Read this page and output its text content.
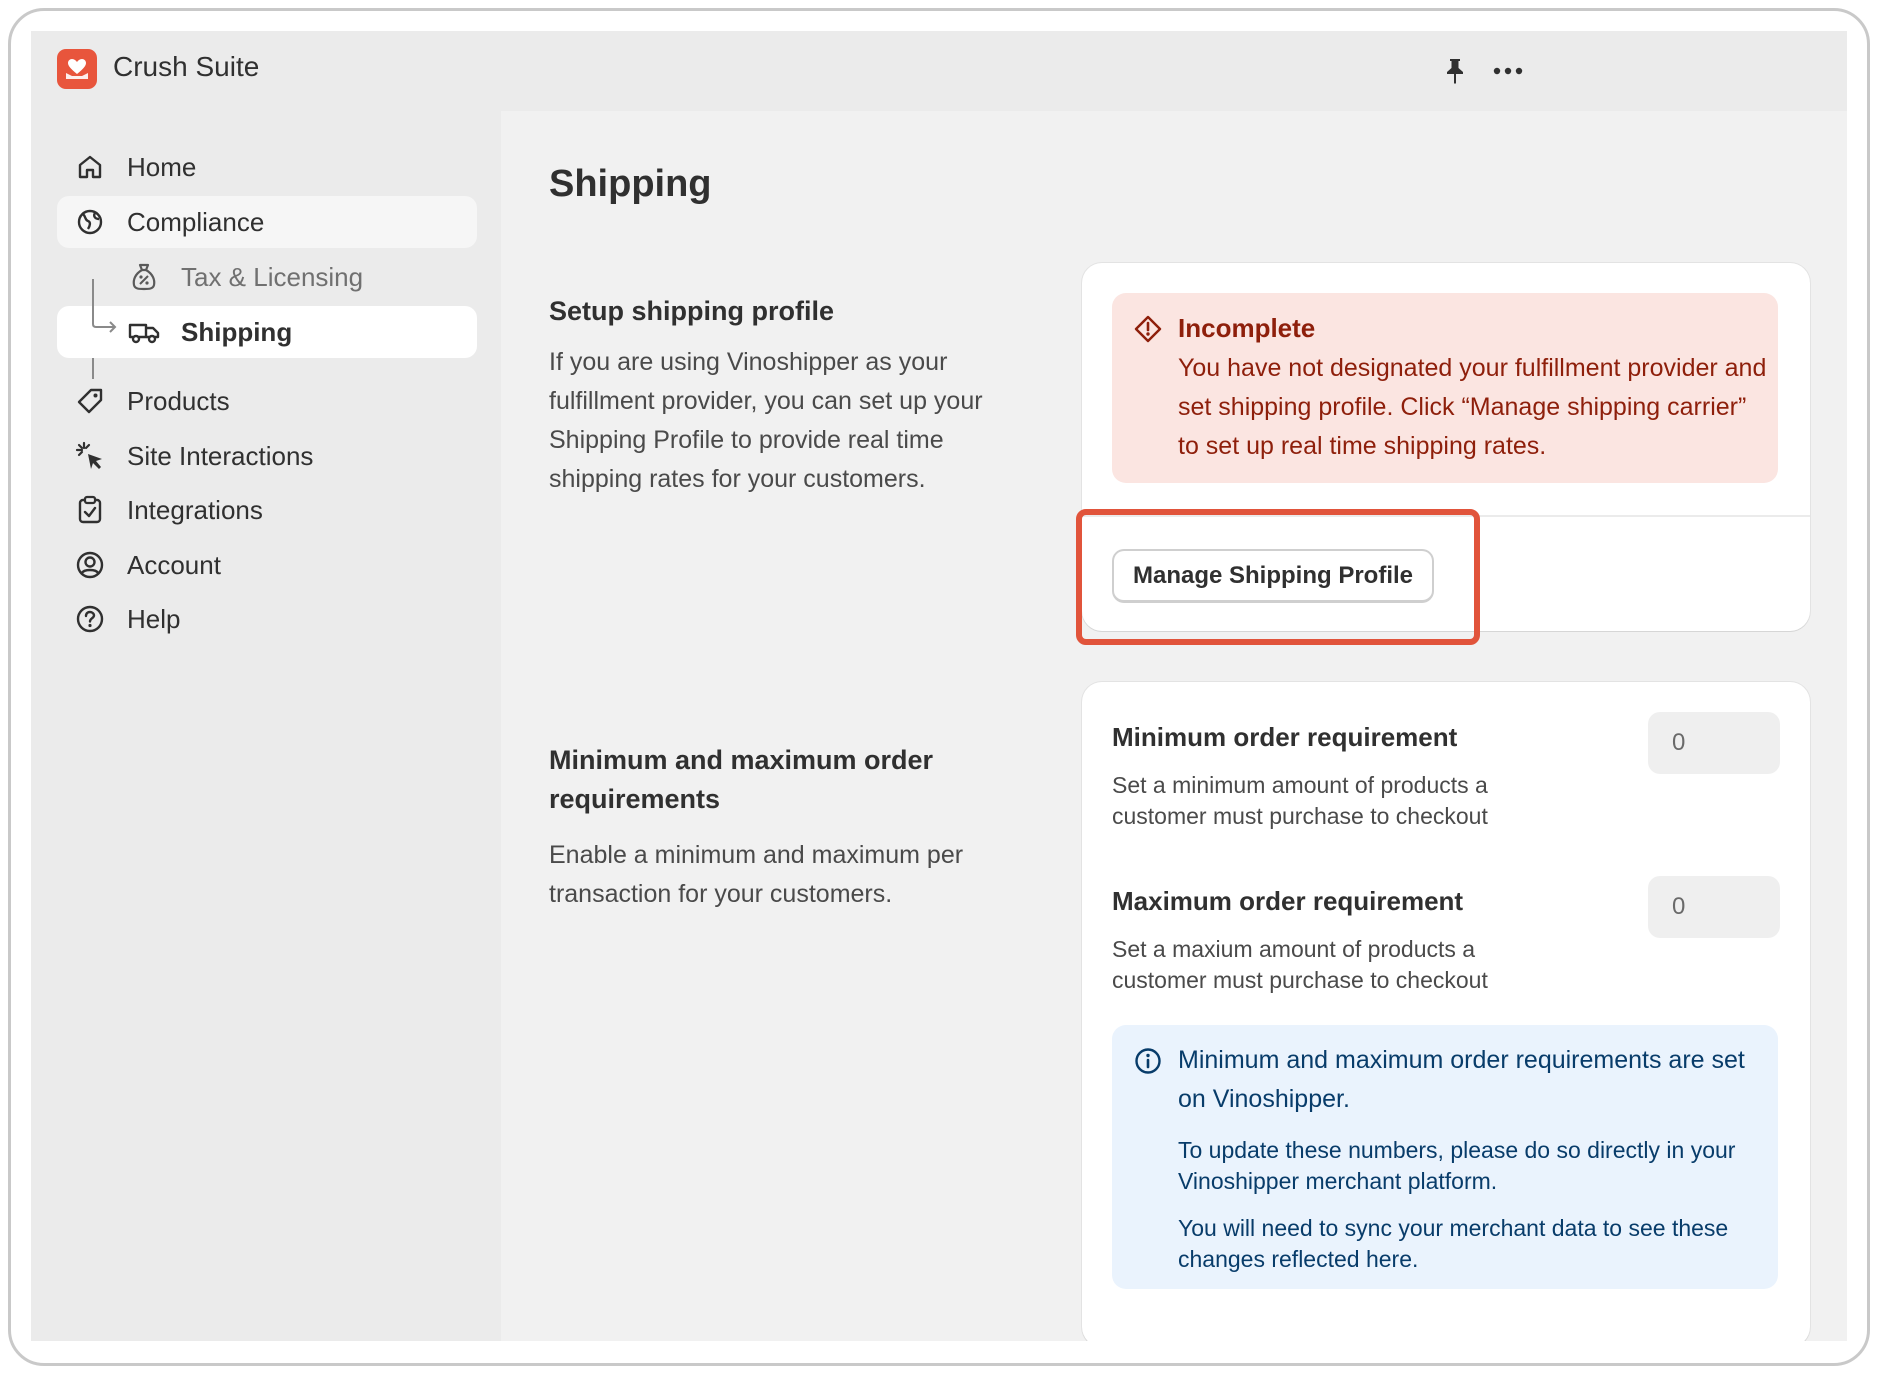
Crush Suite
Home
Compliance
Tax & Licensing
Shipping
Products
Site Interactions
Integrations
Account
Help
Shipping
Setup shipping profile
If you are using Vinoshipper as your fulfillment provider, you can set up your Shipping Profile to provide real time shipping rates for your customers.
Incomplete
You have not designated your fulfillment provider and set shipping profile. Click “Manage shipping carrier” to set up real time shipping rates.
Manage Shipping Profile
Minimum and maximum order requirements
Enable a minimum and maximum per transaction for your customers.
Minimum order requirement
Set a minimum amount of products a customer must purchase to checkout
0
Maximum order requirement
Set a maxium amount of products a customer must purchase to checkout
0
Minimum and maximum order requirements are set on Vinoshipper.
To update these numbers, please do so directly in your Vinoshipper merchant platform.
You will need to sync your merchant data to see these changes reflected here.
